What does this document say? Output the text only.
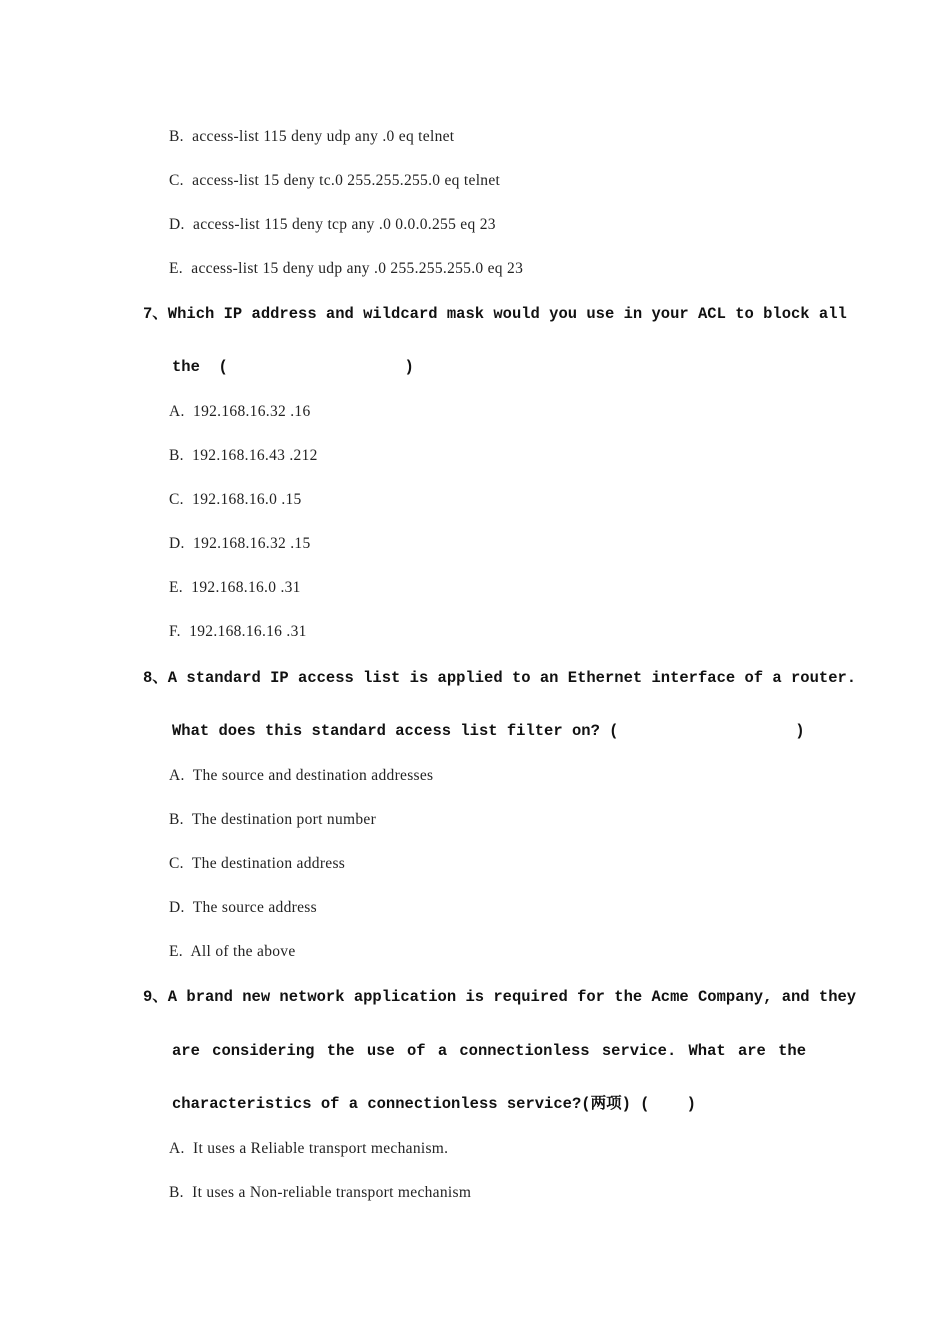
B.  access-list 115 deny udp any .0 eq telnet
C.  access-list 15 deny tc.0 255.255.255.0 eq telnet
D.  access-list 115 deny tcp any .0 0.0.0.255 eq 23
E.  access-list 15 deny udp any .0 255.255.255.0 eq 23
7、Which IP address and wildcard mask would you use in your ACL to block all
the  (                   )
A.  192.168.16.32 .16
B.  192.168.16.43 .212
C.  192.168.16.0 .15
D.  192.168.16.32 .15
E.  192.168.16.0 .31
F.  192.168.16.16 .31
8、A standard IP access list is applied to an Ethernet interface of a router.
What does this standard access list filter on? (                   )
A.  The source and destination addresses
B.  The destination port number
C.  The destination address
D.  The source address
E.  All of the above
9、A brand new network application is required for the Acme Company, and they
are considering the use of a connectionless service. What are the
characteristics of a connectionless service?(两项) (    )
A.  It uses a Reliable transport mechanism.
B.  It uses a Non-reliable transport mechanism
